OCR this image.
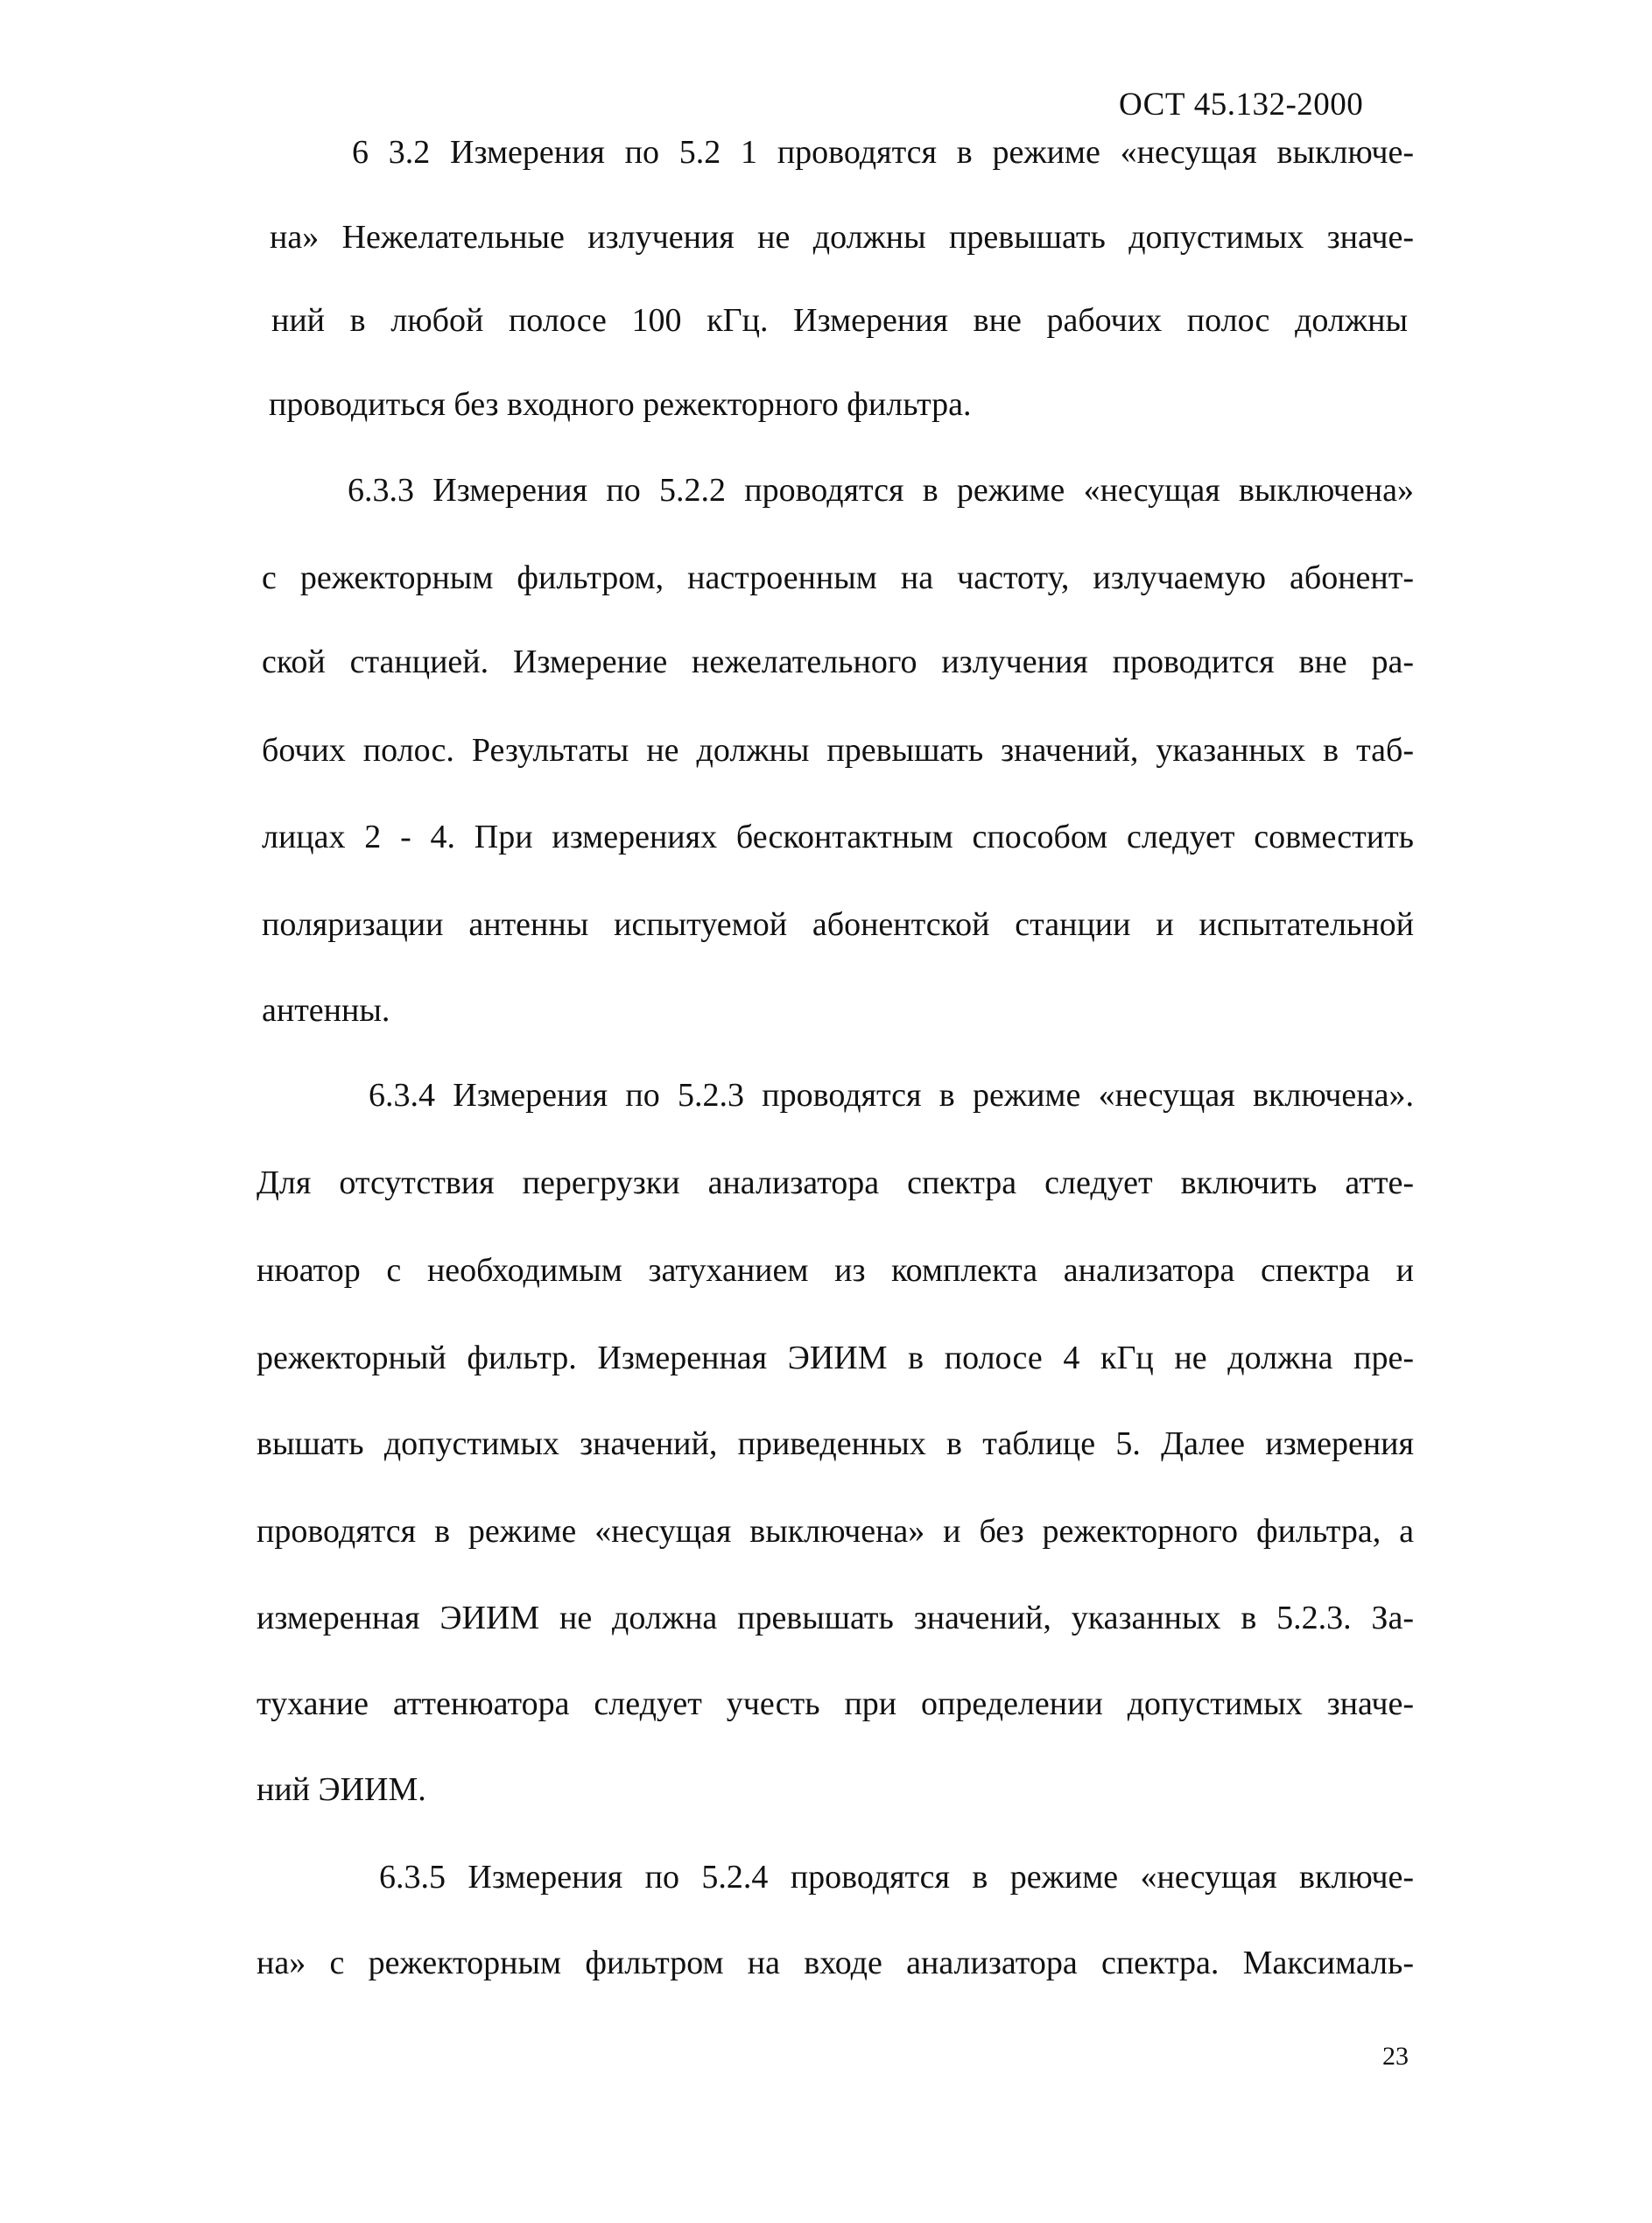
ОСТ 45.132-2000
6 3.2 Измерения по 5.2 1 проводятся в режиме «несущая выключе-
на» Нежелательные излучения не должны превышать допустимых значе-
ний в любой полосе 100 кГц. Измерения вне рабочих полос должны
проводиться без входного режекторного фильтра.
6.3.3 Измерения по 5.2.2 проводятся в режиме «несущая выключена»
с режекторным фильтром, настроенным на частоту, излучаемую абонент-
ской станцией. Измерение нежелательного излучения проводится вне ра-
бочих полос. Результаты не должны превышать значений, указанных в таб-
лицах 2 - 4. При измерениях бесконтактным способом следует совместить
поляризации антенны испытуемой абонентской станции и испытательной
антенны.
6.3.4 Измерения по 5.2.3 проводятся в режиме «несущая включена».
Для отсутствия перегрузки анализатора спектра следует включить атте-
нюатор с необходимым затуханием из комплекта анализатора спектра и
режекторный фильтр. Измеренная ЭИИМ в полосе 4 кГц не должна пре-
вышать допустимых значений, приведенных в таблице 5. Далее измерения
проводятся в режиме «несущая выключена» и без режекторного фильтра, а
измеренная ЭИИМ не должна превышать значений, указанных в 5.2.3. За-
тухание аттенюатора следует учесть при определении допустимых значе-
ний ЭИИМ.
6.3.5 Измерения по 5.2.4 проводятся в режиме «несущая включе-
на» с режекторным фильтром на входе анализатора спектра. Максималь-
23
